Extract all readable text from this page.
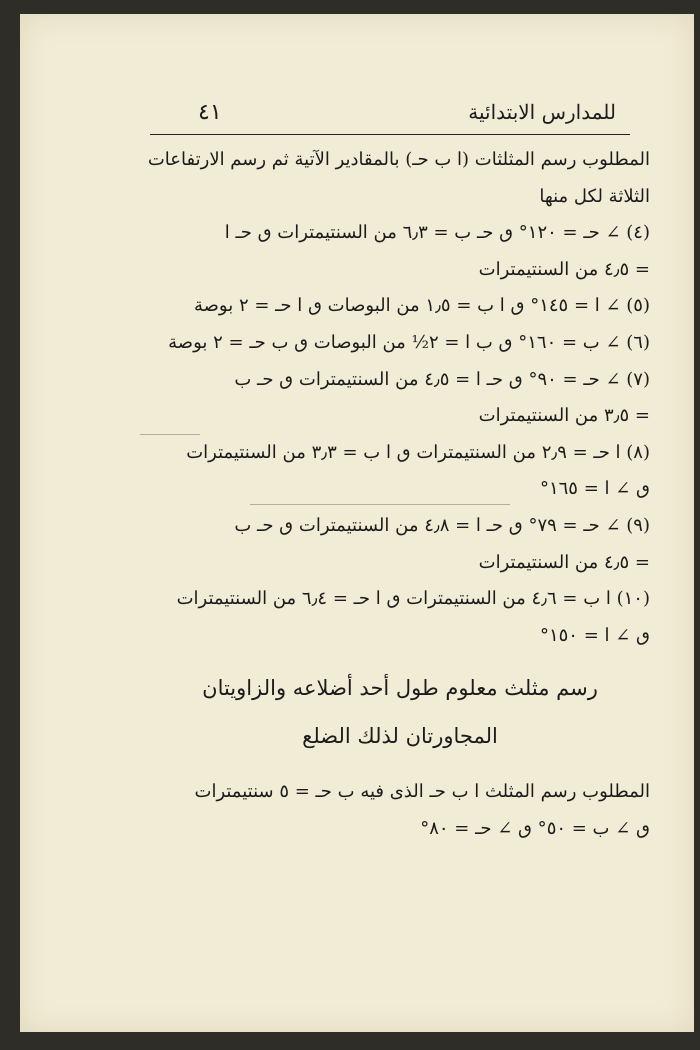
٤١	للمدارس الابتدائية
المطلوب رسم المثلثات (ا ب حـ) بالمقادير الآتية ثم رسم الارتفاعات
الثلاثة لكل منها
(٤) ∠ حـ = ١٢٠° ٯ حـ ب = ٦٫٣ من السنتيمترات ٯ حـ ا
= ٤٫٥ من السنتيمترات
(٥) ∠ ا = ١٤٥° ٯ ا ب = ١٫٥ من البوصات ٯ ا حـ = ٢ بوصة
(٦) ∠ ب = ١٦٠° ٯ ب ا = ٢½ من البوصات ٯ ب حـ = ٢ بوصة
(٧) ∠ حـ = ٩٠° ٯ حـ ا = ٤٫٥ من السنتيمترات ٯ حـ ب
= ٣٫٥ من السنتيمترات
(٨) ا حـ = ٢٫٩ من السنتيمترات ٯ ا ب = ٣٫٣ من السنتيمترات
ٯ ∠ ا = ١٦٥°
(٩) ∠ حـ = ٧٩° ٯ حـ ا = ٤٫٨ من السنتيمترات ٯ حـ ب
= ٤٫٥ من السنتيمترات
(١٠) ا ب = ٤٫٦ من السنتيمترات ٯ ا حـ = ٦٫٤ من السنتيمترات
ٯ ∠ ا = ١٥٠°
رسم مثلث معلوم طول أحد أضلاعه والزاويتان
المجاورتان لذلك الضلع
المطلوب رسم المثلث ا ب حـ الذى فيه ب حـ = ٥ سنتيمترات
ٯ ∠ ب = ٥٠° ٯ ∠ حـ = ٨٠°
